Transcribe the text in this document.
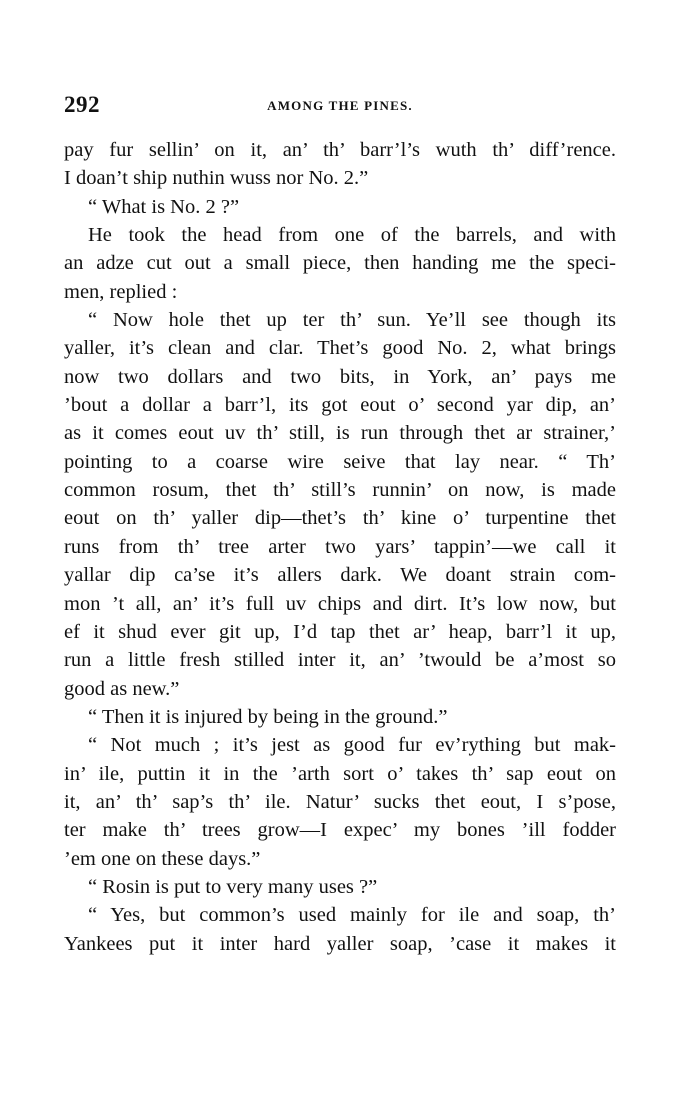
292	AMONG THE PINES.
pay fur sellin’ on it, an’ th’ barr’l’s wuth th’ diff’rence.
I doan’t ship nuthin wuss nor No. 2.”
“ What is No. 2 ?”
He took the head from one of the barrels, and with
an adze cut out a small piece, then handing me the speci-
men, replied :
“ Now hole thet up ter th’ sun. Ye’ll see though its
yaller, it’s clean and clar. Thet’s good No. 2, what brings
now two dollars and two bits, in York, an’ pays me
’bout a dollar a barr’l, its got eout o’ second yar dip, an’
as it comes eout uv th’ still, is run through thet ar strainer,’
pointing to a coarse wire seive that lay near. “ Th’
common rosum, thet th’ still’s runnin’ on now, is made
eout on th’ yaller dip—thet’s th’ kine o’ turpentine thet
runs from th’ tree arter two yars’ tappin’—we call it
yallar dip ca’se it’s allers dark. We doant strain com-
mon ’t all, an’ it’s full uv chips and dirt. It’s low now, but
ef it shud ever git up, I’d tap thet ar’ heap, barr’l it up,
run a little fresh stilled inter it, an’ ’twould be a’most so
good as new.”
“ Then it is injured by being in the ground.”
“ Not much ; it’s jest as good fur ev’rything but mak-
in’ ile, puttin it in the ’arth sort o’ takes th’ sap eout on
it, an’ th’ sap’s th’ ile. Natur’ sucks thet eout, I s’pose,
ter make th’ trees grow—I expec’ my bones ’ill fodder
’em one on these days.”
“ Rosin is put to very many uses ?”
“ Yes, but common’s used mainly for ile and soap, th’
Yankees put it inter hard yaller soap, ’case it makes it
